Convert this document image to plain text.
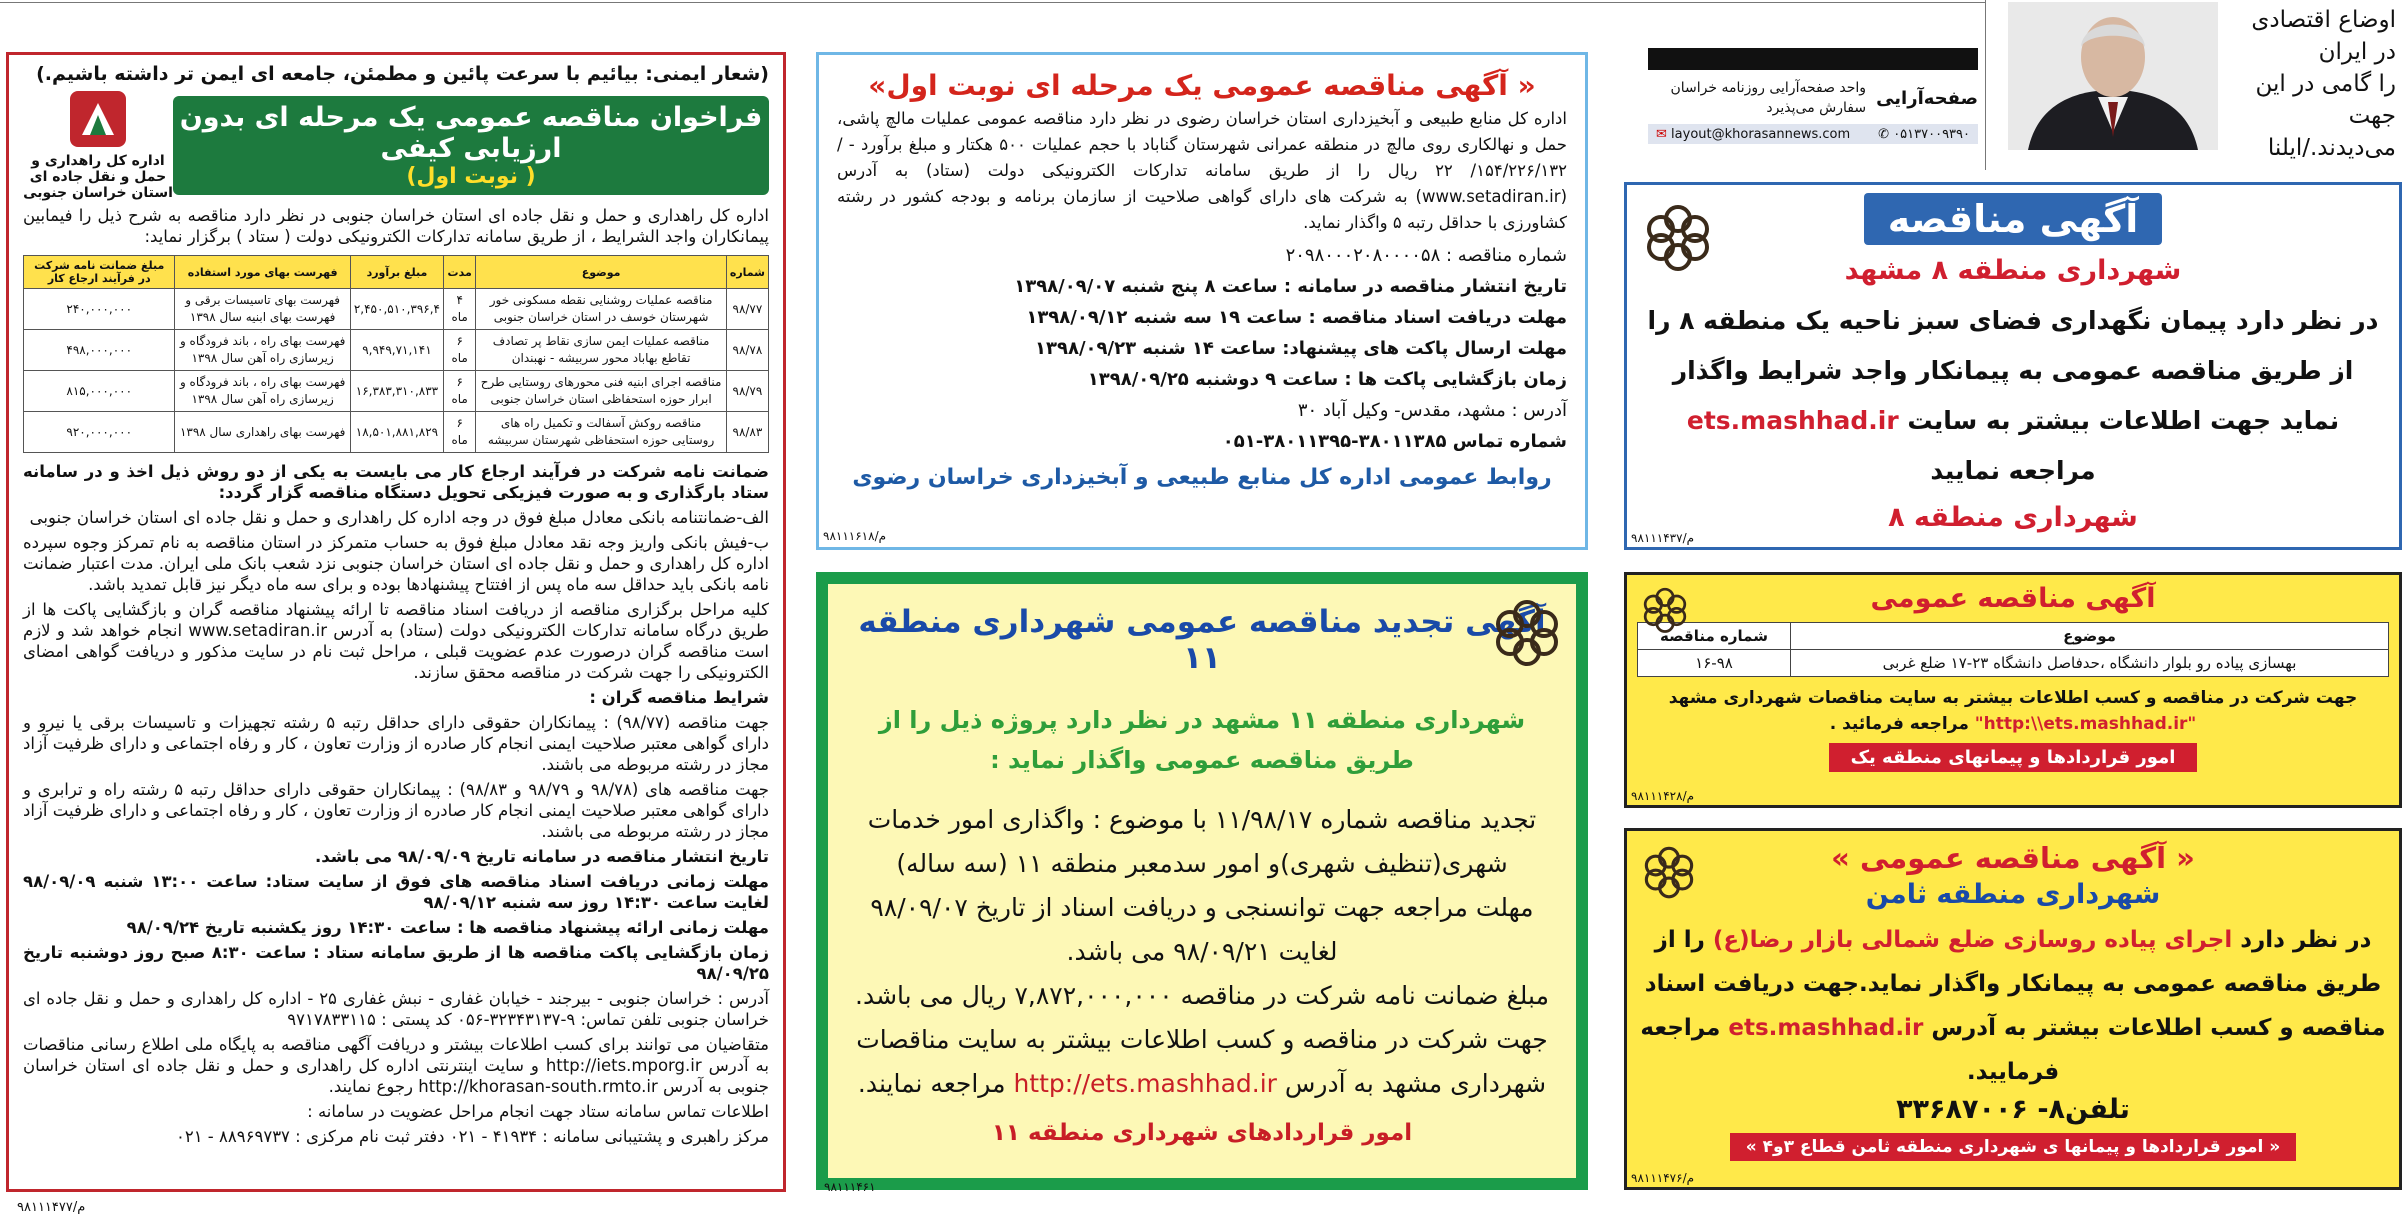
اوضاع اقتصادی در ایران
را گامی در این جهت
می‌دیدند./ایلنا
صفحه‌آرایی
واحد صفحه‌آرایی روزنامه خراسان
سفارش می‌پذیرد
✉ layout@khorasannews.com ✆ ۰۵۱۳۷۰۰۹۳۹۰
(شعار ایمنی: بیائیم با سرعت پائین و مطمئن، جامعه ای ایمن تر داشته باشیم.)
فراخوان مناقصه عمومی یک مرحله ای بدون ارزیابی کیفی
( نوبت اول)
اداره کل راهداری و حمل و نقل جاده ای استان خراسان جنوبی

اداره کل راهداری و حمل و نقل جاده ای استان خراسان جنوبی در نظر دارد مناقصه به شرح ذیل را فیمابین پیمانکاران واجد الشرایط ، از طریق سامانه تدارکات الکترونیکی دولت ( ستاد ) برگزار نماید:

شماره	موضوع	مدت	مبلغ برآورد	فهرست بهای مورد استفاده	مبلغ ضمانت نامه شرکت در فرآیند ارجاع کار
۹۸/۷۷	مناقصه عملیات روشنایی نقطه مسکونی خور شهرستان خوسف در استان خراسان جنوبی	۴ ماه	۲,۴۵۰,۵۱۰,۳۹۶,۴	فهرست بهای تاسیسات برقی و فهرست بهای ابنیه سال ۱۳۹۸	۲۴۰,۰۰۰,۰۰۰
۹۸/۷۸	مناقصه عملیات ایمن سازی نقاط پر تصادف تقاطع بهاباد محور سربیشه - نهبندان	۶ ماه	۹,۹۴۹,۷۱,۱۴۱	فهرست بهای راه ، باند فرودگاه و زیرسازی راه آهن سال ۱۳۹۸	۴۹۸,۰۰۰,۰۰۰
۹۸/۷۹	مناقصه اجرای ابنیه فنی محورهای روستایی طرح ابرار حوزه استحفاظی استان خراسان جنوبی	۶ ماه	۱۶,۳۸۳,۳۱۰,۸۳۳	فهرست بهای راه ، باند فرودگاه و زیرسازی راه آهن سال ۱۳۹۸	۸۱۵,۰۰۰,۰۰۰
۹۸/۸۳	مناقصه روکش آسفالت و تکمیل راه های روستایی حوزه استحفاظی شهرستان سربیشه	۶ ماه	۱۸,۵۰۱,۸۸۱,۸۲۹	فهرست بهای راهداری سال ۱۳۹۸	۹۲۰,۰۰۰,۰۰۰

ضمانت نامه شرکت در فرآیند ارجاع کار می بایست به یکی از دو روش ذیل اخذ و در سامانه ستاد بارگذاری و به صورت فیزیکی تحویل دستگاه مناقصه گزار گردد:

الف-ضمانتنامه بانکی معادل مبلغ فوق در وجه اداره کل راهداری و حمل و نقل جاده ای استان خراسان جنوبی

ب-فیش بانکی واریز وجه نقد معادل مبلغ فوق به حساب متمرکز در استان مناقصه به نام تمرکز وجوه سپرده اداره کل راهداری و حمل و نقل جاده ای استان خراسان جنوبی نزد شعب بانک ملی ایران. مدت اعتبار ضمانت نامه بانکی باید حداقل سه ماه پس از افتتاح پیشنهادها بوده و برای سه ماه دیگر نیز قابل تمدید باشد.

کلیه مراحل برگزاری مناقصه از دریافت اسناد مناقصه تا ارائه پیشنهاد مناقصه گران و بازگشایی پاکت ها از طریق درگاه سامانه تدارکات الکترونیکی دولت (ستاد) به آدرس www.setadiran.ir انجام خواهد شد و لازم است مناقصه گران درصورت عدم عضویت قبلی ، مراحل ثبت نام در سایت مذکور و دریافت گواهی امضای الکترونیکی را جهت شرکت در مناقصه محقق سازند.

شرایط مناقصه گران :

جهت مناقصه (۹۸/۷۷) : پیمانکاران حقوقی دارای حداقل رتبه ۵ رشته تجهیزات و تاسیسات برقی یا نیرو و دارای گواهی معتبر صلاحیت ایمنی انجام کار صادره از وزارت تعاون ، کار و رفاه اجتماعی و دارای ظرفیت آزاد مجاز در رشته مربوطه می باشند.

جهت مناقصه های (۹۸/۷۸ و ۹۸/۷۹ و ۹۸/۸۳) : پیمانکاران حقوقی دارای حداقل رتبه ۵ رشته راه و ترابری و دارای گواهی معتبر صلاحیت ایمنی انجام کار صادره از وزارت تعاون ، کار و رفاه اجتماعی و دارای ظرفیت آزاد مجاز در رشته مربوطه می باشند.

تاریخ انتشار مناقصه در سامانه تاریخ ۹۸/۰۹/۰۹ می باشد.

مهلت زمانی دریافت اسناد مناقصه های فوق از سایت ستاد: ساعت ۱۳:۰۰ شنبه ۹۸/۰۹/۰۹ لغایت ساعت ۱۴:۳۰ روز سه شنبه ۹۸/۰۹/۱۲

مهلت زمانی ارائه پیشنهاد مناقصه ها : ساعت ۱۴:۳۰ روز یکشنبه تاریخ ۹۸/۰۹/۲۴

زمان بازگشایی پاکت مناقصه ها از طریق سامانه ستاد : ساعت ۸:۳۰ صبح روز دوشنبه تاریخ ۹۸/۰۹/۲۵

آدرس : خراسان جنوبی - بیرجند - خیابان غفاری - نبش غفاری ۲۵ - اداره کل راهداری و حمل و نقل جاده ای خراسان جنوبی تلفن تماس: ۹-۳۲۳۴۳۱۳۷-۰۵۶ کد پستی : ۹۷۱۷۸۳۳۱۱۵

متقاضیان می توانند برای کسب اطلاعات بیشتر و دریافت آگهی مناقصه به پایگاه ملی اطلاع رسانی مناقصات به آدرس http://iets.mporg.ir و سایت اینترنتی اداره کل راهداری و حمل و نقل جاده ای استان خراسان جنوبی به آدرس http://khorasan-south.rmto.ir رجوع نمایند.

اطلاعات تماس سامانه ستاد جهت انجام مراحل عضویت در سامانه :

مرکز راهبری و پشتیبانی سامانه : ۴۱۹۳۴ - ۰۲۱ دفتر ثبت نام مرکزی : ۸۸۹۶۹۷۳۷ - ۰۲۱

۹۸۱۱۱۴۷۷/م
« آگهی مناقصه عمومی یک مرحله ای نوبت اول»

اداره کل منابع طبیعی و آبخیزداری استان خراسان رضوی در نظر دارد مناقصه عمومی عملیات مالچ پاشی، حمل و نهالکاری روی مالچ در منطقه عمرانی شهرستان گناباد با حجم عملیات ۵۰۰ هکتار و مبلغ برآورد - / ۱۵۴/۲۲۶/۱۳۲/ ۲۲ ریال را از طریق سامانه تدارکات الکترونیکی دولت (ستاد) به آدرس (www.setadiran.ir) به شرکت های دارای گواهی صلاحیت از سازمان برنامه و بودجه کشور در رشته کشاورزی با حداقل رتبه ۵ واگذار نماید.

شماره مناقصه : ۲۰۹۸۰۰۰۲۰۸۰۰۰۰۵۸
تاریخ انتشار مناقصه در سامانه : ساعت ۸ پنج شنبه ۱۳۹۸/۰۹/۰۷
مهلت دریافت اسناد مناقصه : ساعت ۱۹ سه شنبه ۱۳۹۸/۰۹/۱۲
مهلت ارسال پاکت های پیشنهاد: ساعت ۱۴ شنبه ۱۳۹۸/۰۹/۲۳
زمان بازگشایی پاکت ها : ساعت ۹ دوشنبه ۱۳۹۸/۰۹/۲۵
آدرس : مشهد، مقدس- وکیل آباد ۳۰
شماره تماس ۳۸۰۱۱۳۸۵-۳۸۰۱۱۳۹۵-۰۵۱
روابط عمومی اداره کل منابع طبیعی و آبخیزداری خراسان رضوی
م/۹۸۱۱۱۶۱۸
آگهی تجدید مناقصه عمومی شهرداری منطقه ۱۱
شهرداری منطقه ۱۱ مشهد در نظر دارد پروژه ذیل را از طریق مناقصه عمومی واگذار نماید :
تجدید مناقصه شماره ۱۱/۹۸/۱۷ با موضوع : واگذاری امور خدمات شهری(تنظیف شهری)و امور سدمعبر منطقه ۱۱ (سه ساله)
مهلت مراجعه جهت توانسنجی و دریافت اسناد از تاریخ ۹۸/۰۹/۰۷ لغایت ۹۸/۰۹/۲۱ می باشد.
مبلغ ضمانت نامه شرکت در مناقصه ۷,۸۷۲,۰۰۰,۰۰۰ ریال می باشد.
جهت شرکت در مناقصه و کسب اطلاعات بیشتر به سایت مناقصات شهرداری مشهد به آدرس http://ets.mashhad.ir مراجعه نمایند.
امور قراردادهای شهرداری منطقه ۱۱
۹۸۱۱۱۴۶۱
آگهی مناقصه
شهرداری منطقه ۸ مشهد
در نظر دارد پیمان نگهداری فضای سبز ناحیه یک منطقه ۸ را از طریق مناقصه عمومی به پیمانکار واجد شرایط واگذار نماید جهت اطلاعات بیشتر به سایت ets.mashhad.ir مراجعه نمایید
شهرداری منطقه ۸
۹۸۱۱۱۴۳۷/م
آگهی مناقصه عمومی
موضوع	شماره مناقصه
بهسازی پیاده رو بلوار دانشگاه ،حدفاصل دانشگاه ۲۳-۱۷ ضلع غربی	۱۶-۹۸
جهت شرکت در مناقصه و کسب اطلاعات بیشتر به سایت مناقصات شهرداری مشهد
"http:\\ets.mashhad.ir" مراجعه فرمائید .
امور قراردادها و پیمانهای منطقه یک
۹۸۱۱۱۴۲۸/م
« آگهی مناقصه عمومی »
شهرداری منطقه ثامن
در نظر دارد اجرای پیاده روسازی ضلع شمالی بازار رضا(ع) را از طریق مناقصه عمومی به پیمانکار واگذار نماید.جهت دریافت اسناد مناقصه و کسب اطلاعات بیشتر به آدرس ets.mashhad.ir مراجعه فرمایید.
تلفن۸- ۳۳۶۸۷۰۰۶
« امور قراردادها و پیمانها ی شهرداری منطقه ثامن قطاع ۳و۴ »
۹۸۱۱۱۴۷۶/م
